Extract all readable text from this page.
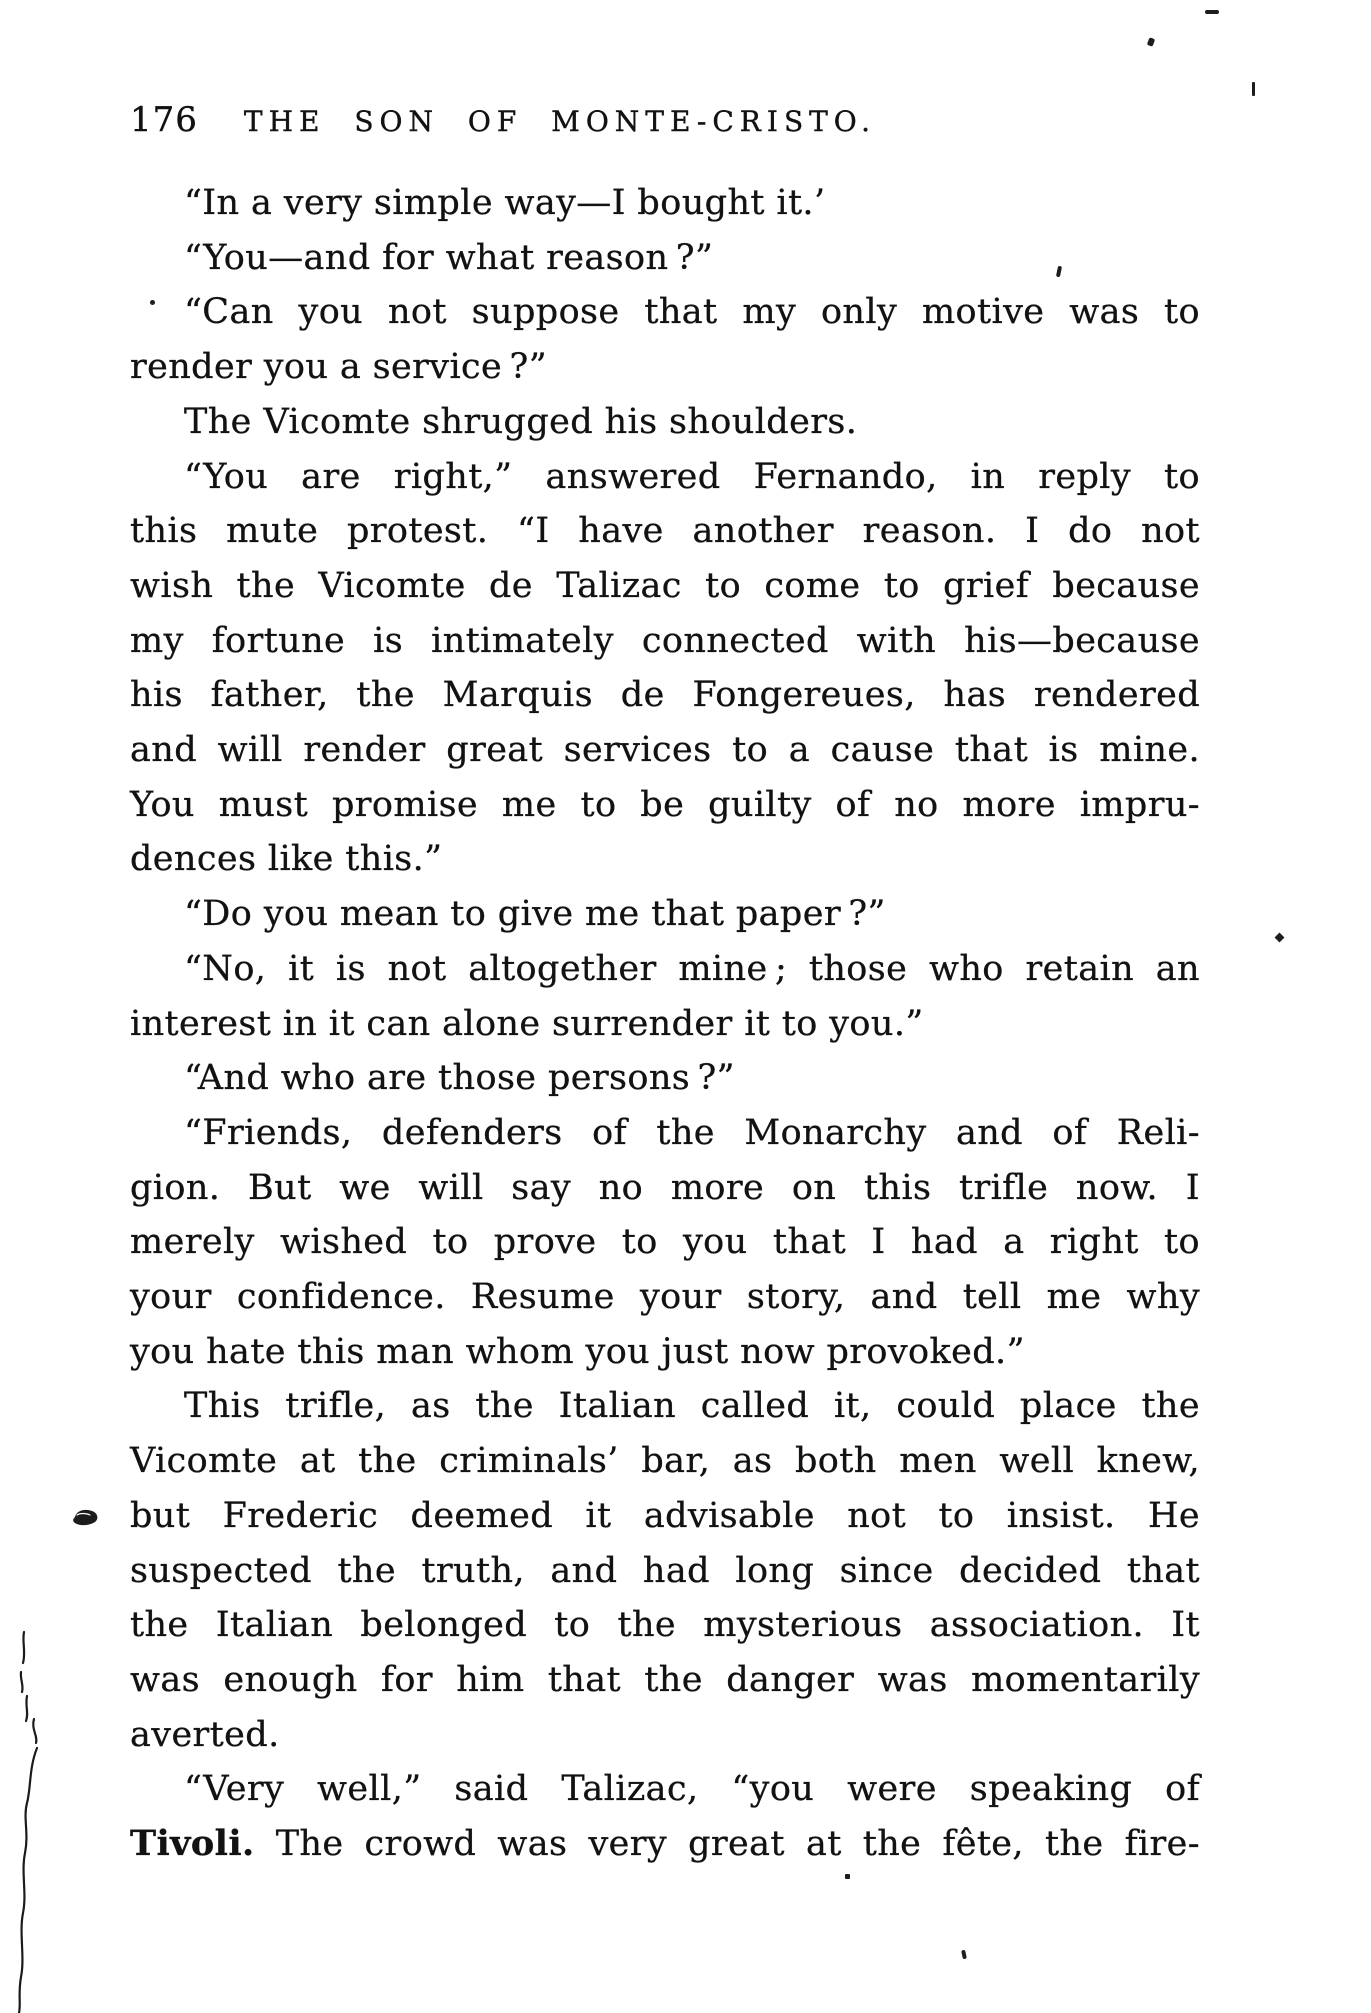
176 THE SON OF MONTE-CRISTO.
“In a very simple way—I bought it.’
“You—and for what reason ?”
“Can you not suppose that my only motive was to
render you a service ?”
The Vicomte shrugged his shoulders.
“You are right,” answered Fernando, in reply to
this mute protest. “I have another reason. I do not
wish the Vicomte de Talizac to come to grief because
my fortune is intimately connected with his—because
his father, the Marquis de Fongereues, has rendered
and will render great services to a cause that is mine.
You must promise me to be guilty of no more impru-
dences like this.”
“Do you mean to give me that paper ?”
“No, it is not altogether mine ; those who retain an
interest in it can alone surrender it to you.”
“And who are those persons ?”
“Friends, defenders of the Monarchy and of Reli-
gion. But we will say no more on this trifle now. I
merely wished to prove to you that I had a right to
your confidence. Resume your story, and tell me why
you hate this man whom you just now provoked.”
This trifle, as the Italian called it, could place the
Vicomte at the criminals’ bar, as both men well knew,
but Frederic deemed it advisable not to insist. He
suspected the truth, and had long since decided that
the Italian belonged to the mysterious association. It
was enough for him that the danger was momentarily
averted.
“Very well,” said Talizac, “you were speaking of
Tivoli. The crowd was very great at the fête, the fire-
